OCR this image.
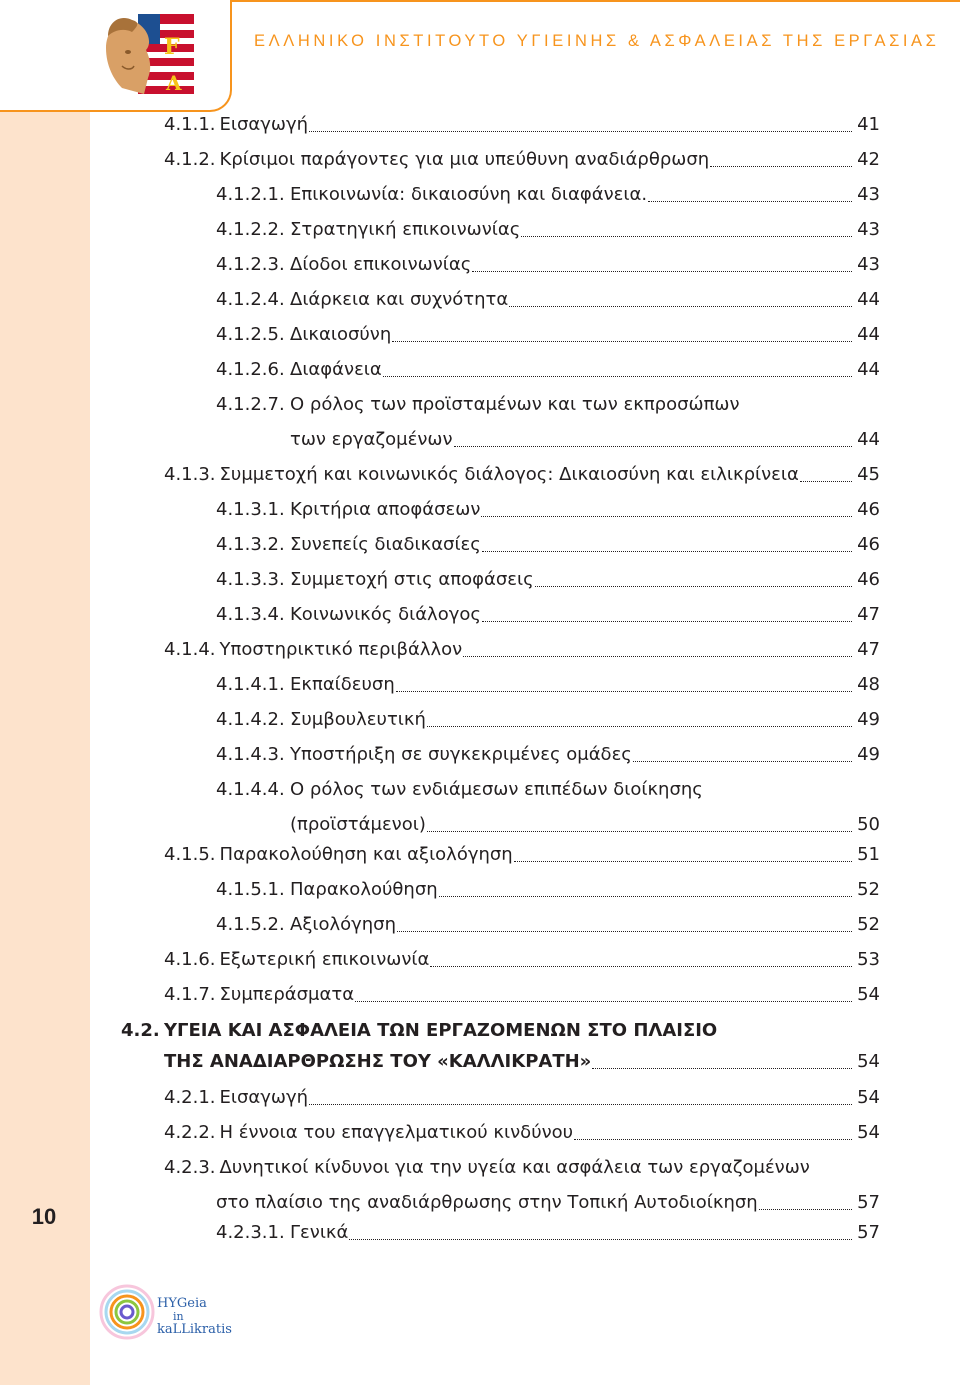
F
A
ΕΛΛΗΝΙΚΟ ΙΝΣΤΙΤΟΥΤΟ ΥΓΙΕΙΝΗΣ & ΑΣΦΑΛΕΙΑΣ ΤΗΣ ΕΡΓΑΣΙΑΣ
4.1.1. Εισαγωγή	41
4.1.2. Κρίσιμοι παράγοντες για μια υπεύθυνη αναδιάρθρωση	42
4.1.2.1. Επικοινωνία: δικαιοσύνη και διαφάνεια.	43
4.1.2.2. Στρατηγική επικοινωνίας	43
4.1.2.3. Δίοδοι επικοινωνίας	43
4.1.2.4. Διάρκεια και συχνότητα	44
4.1.2.5. Δικαιοσύνη	44
4.1.2.6. Διαφάνεια	44
4.1.2.7. Ο ρόλος των προϊσταμένων και των εκπροσώπων
των εργαζομένων	44
4.1.3. Συμμετοχή και κοινωνικός διάλογος: Δικαιοσύνη και ειλικρίνεια	45
4.1.3.1. Κριτήρια αποφάσεων	46
4.1.3.2. Συνεπείς διαδικασίες	46
4.1.3.3. Συμμετοχή στις αποφάσεις	46
4.1.3.4. Κοινωνικός διάλογος	47
4.1.4. Υποστηρικτικό περιβάλλον	47
4.1.4.1. Εκπαίδευση	48
4.1.4.2. Συμβουλευτική	49
4.1.4.3. Υποστήριξη σε συγκεκριμένες ομάδες	49
4.1.4.4. Ο ρόλος των ενδιάμεσων επιπέδων διοίκησης
(προϊστάμενοι)	50
4.1.5. Παρακολούθηση και αξιολόγηση	51
4.1.5.1. Παρακολούθηση	52
4.1.5.2. Αξιολόγηση	52
4.1.6. Εξωτερική επικοινωνία	53
4.1.7. Συμπεράσματα	54
4.2. ΥΓΕΙΑ ΚΑΙ ΑΣΦΑΛΕΙΑ ΤΩΝ ΕΡΓΑΖΟΜΕΝΩΝ ΣΤΟ ΠΛΑΙΣΙΟ
ΤΗΣ ΑΝΑΔΙΑΡΘΡΩΣΗΣ ΤΟΥ «ΚΑΛΛΙΚΡΑΤΗ»	54
4.2.1. Εισαγωγή	54
4.2.2. Η έννοια του επαγγελματικού κινδύνου	54
4.2.3. Δυνητικοί κίνδυνοι για την υγεία και ασφάλεια των εργαζομένων
στο πλαίσιο της αναδιάρθρωσης στην Τοπική Αυτοδιοίκηση	57
4.2.3.1. Γενικά	57
10
HYGeia
in
kaLLikratis
